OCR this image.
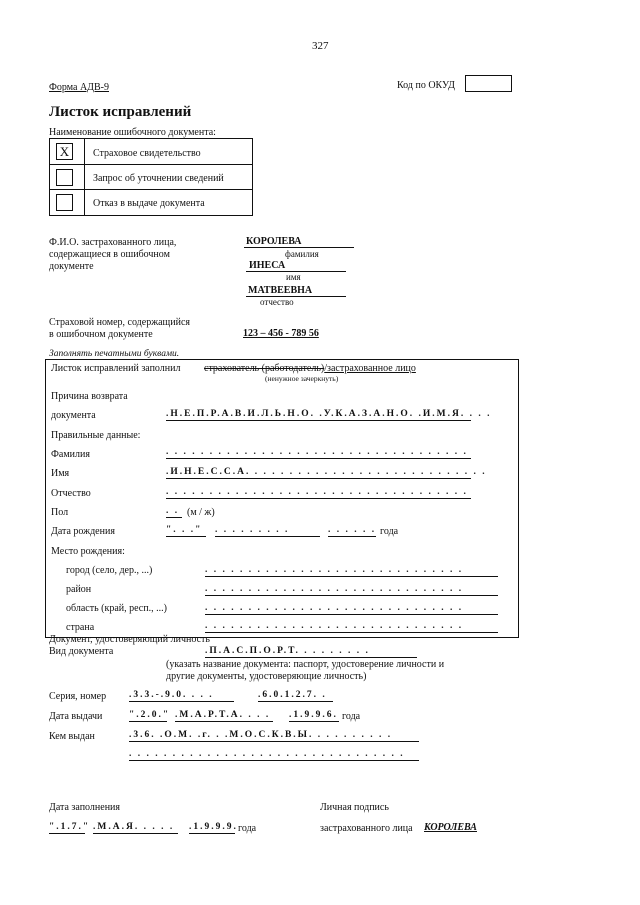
327
Форма АДВ-9	Код по ОКУД
Листок исправлений
Наименование ошибочного документа:
X	Страховое свидетельство
Запрос об уточнении сведений
Отказ в выдаче документа
Ф.И.О. застрахованного лица,
содержащиеся в ошибочном
документе
КОРОЛЕВА
фамилия
ИНЕСА
имя
МАТВЕЕВНА
отчество
Страховой номер, содержащийся
в ошибочном документе	123 – 456 - 789 56
Заполнять печатными буквами.
Листок исправлений заполнил страхователь (работодатель)/застрахованное лицо
(ненужное зачеркнуть)
Причина возврата
документа	.Н.Е.П.Р.А.В.И.Л.Ь.Н.О. .У.К.А.З.А.Н.О. .И.М.Я. . . .
Правильные данные:
Фамилия	. . . . . . . . . . . . . . . . . . . . . . . . . . . . . . . . . . .
Имя	.И.Н.Е.С.С.А. . . . . . . . . . . . . . . . . . . . . . . . . . . .
Отчество	. . . . . . . . . . . . . . . . . . . . . . . . . . . . . . . . . . .
Пол	. . (м / ж)
Дата рождения	". . ."	. . . . . . . . .	. . . . . . года
Место рождения:
город (село, дер., ...)	. . . . . . . . . . . . . . . . . . . . . . . . . . . . . .
район	. . . . . . . . . . . . . . . . . . . . . . . . . . . . . .
область (край, респ., ...)	. . . . . . . . . . . . . . . . . . . . . . . . . . . . . .
страна	. . . . . . . . . . . . . . . . . . . . . . . . . . . . . .
Документ, удостоверяющий личность
Вид документа	.П.А.С.П.О.Р.Т. . . . . . . . .
(указать название документа: паспорт, удостоверение личности и
другие документы, удостоверяющие личность)
Серия, номер .3.3.-.9.0. . . .	.6.0.1.2.7. .
Дата выдачи	".2.0." .М.А.Р.Т.А. . . . .1.9.9.6. года
Кем выдан	.3.6. .О.М. .г. . .М.О.С.К.В.Ы. . . . . . . . . .
. . . . . . . . . . . . . . . . . . . . . . . . . . . . . . . .
Дата заполнения
".1.7." .М.А.Я. . . . .	.1.9.9.9. года
Личная подпись
застрахованного лица КОРОЛЕВА
